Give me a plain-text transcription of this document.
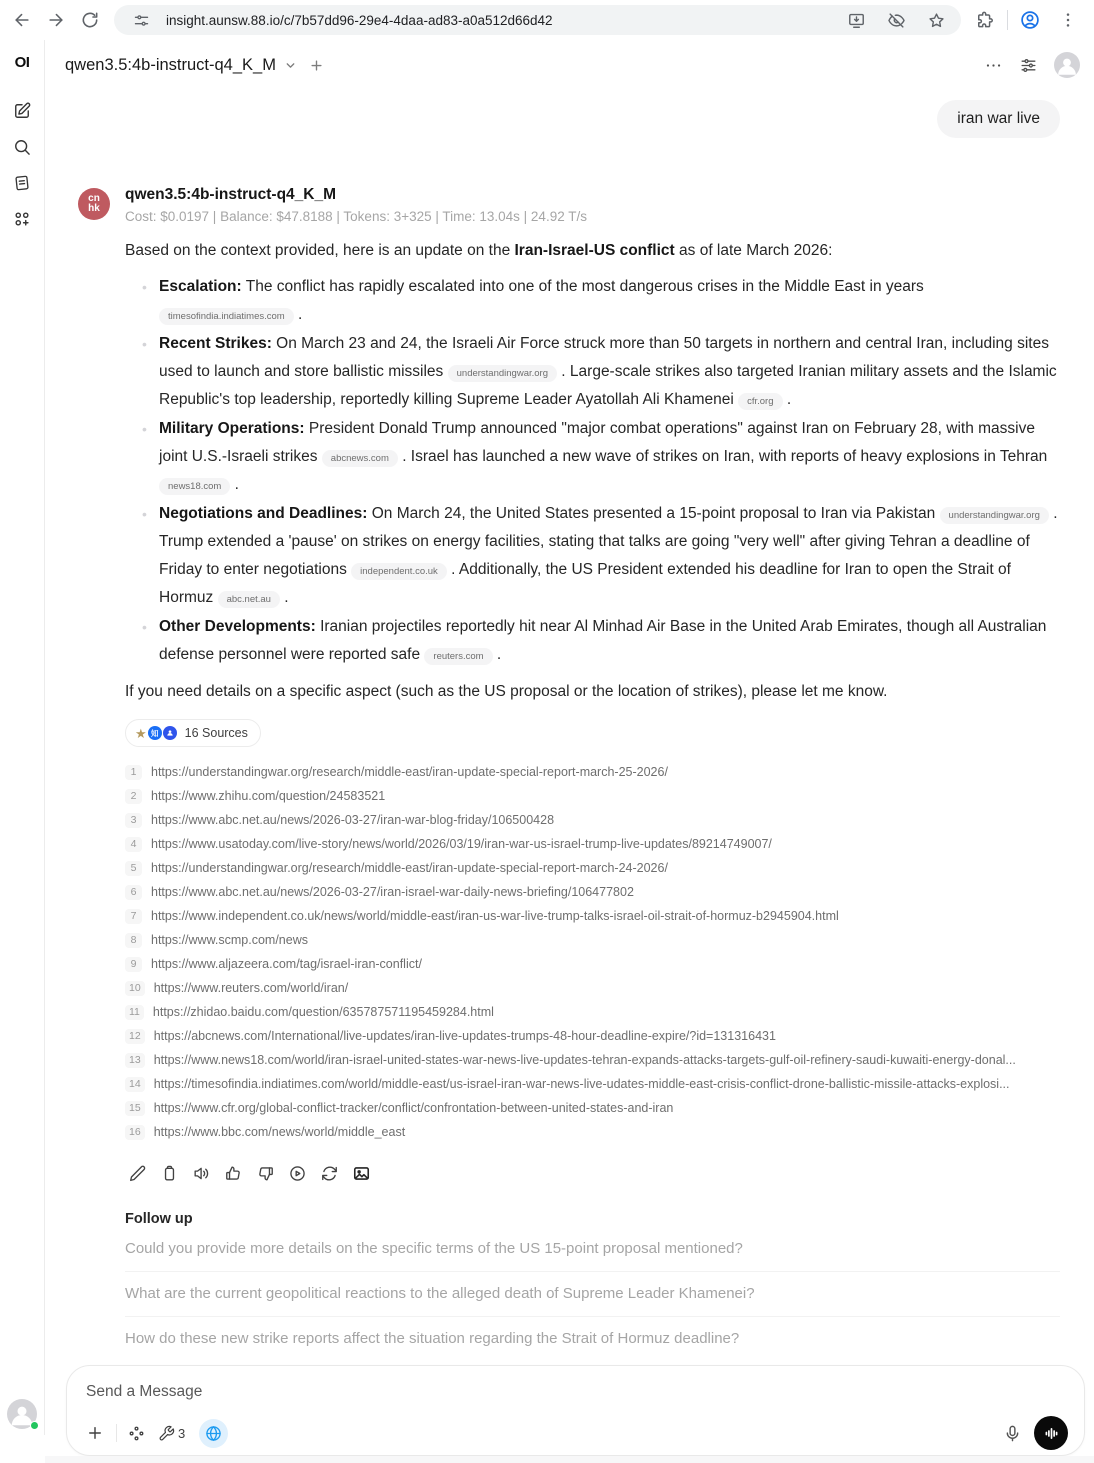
insight.aunsw.88.io/c/7b57dd96-29e4-4daa-ad83-a0a512d66d42
OI qwen3.5:4b-instruct-q4_K_M
iran war live
cn
hk
qwen3.5:4b-instruct-q4_K_M
Cost: $0.0197 | Balance: $47.8188 | Tokens: 3+325 | Time: 13.04s | 24.92 T/s

Based on the context provided, here is an update on the Iran-Israel-US conflict as of late March 2026:

• Escalation: The conflict has rapidly escalated into one of the most dangerous crises in the Middle East in years timesofindia.indiatimes.com .
• Recent Strikes: On March 23 and 24, the Israeli Air Force struck more than 50 targets in northern and central Iran, including sites used to launch and store ballistic missiles understandingwar.org . Large-scale strikes also targeted Iranian military assets and the Islamic Republic's top leadership, reportedly killing Supreme Leader Ayatollah Ali Khamenei cfr.org .
• Military Operations: President Donald Trump announced "major combat operations" against Iran on February 28, with massive joint U.S.-Israeli strikes abcnews.com . Israel has launched a new wave of strikes on Iran, with reports of heavy explosions in Tehran news18.com .
• Negotiations and Deadlines: On March 24, the United States presented a 15-point proposal to Iran via Pakistan understandingwar.org . Trump extended a 'pause' on strikes on energy facilities, stating that talks are going "very well" after giving Tehran a deadline of Friday to enter negotiations independent.co.uk . Additionally, the US President extended his deadline for Iran to open the Strait of Hormuz abc.net.au .
• Other Developments: Iranian projectiles reportedly hit near Al Minhad Air Base in the United Arab Emirates, though all Australian defense personnel were reported safe reuters.com .

If you need details on a specific aspect (such as the US proposal or the location of strikes), please let me know.

★ 知 16 Sources
1	https://understandingwar.org/research/middle-east/iran-update-special-report-march-25-2026/
2	https://www.zhihu.com/question/24583521
3	https://www.abc.net.au/news/2026-03-27/iran-war-blog-friday/106500428
4	https://www.usatoday.com/live-story/news/world/2026/03/19/iran-war-us-israel-trump-live-updates/89214749007/
5	https://understandingwar.org/research/middle-east/iran-update-special-report-march-24-2026/
6	https://www.abc.net.au/news/2026-03-27/iran-israel-war-daily-news-briefing/106477802
7	https://www.independent.co.uk/news/world/middle-east/iran-us-war-live-trump-talks-israel-oil-strait-of-hormuz-b2945904.html
8	https://www.scmp.com/news
9	https://www.aljazeera.com/tag/israel-iran-conflict/
10	https://www.reuters.com/world/iran/
11	https://zhidao.baidu.com/question/635787571195459284.html
12	https://abcnews.com/International/live-updates/iran-live-updates-trumps-48-hour-deadline-expire/?id=131316431
13	https://www.news18.com/world/iran-israel-united-states-war-news-live-updates-tehran-expands-attacks-targets-gulf-oil-refinery-saudi-kuwaiti-energy-donal...
14	https://timesofindia.indiatimes.com/world/middle-east/us-israel-iran-war-news-live-udates-middle-east-crisis-conflict-drone-ballistic-missile-attacks-explosi...
15	https://www.cfr.org/global-conflict-tracker/conflict/confrontation-between-united-states-and-iran
16	https://www.bbc.com/news/world/middle_east
Follow up
Could you provide more details on the specific terms of the US 15-point proposal mentioned?
What are the current geopolitical reactions to the alleged death of Supreme Leader Khamenei?
How do these new strike reports affect the situation regarding the Strait of Hormuz deadline?
Send a Message
3
